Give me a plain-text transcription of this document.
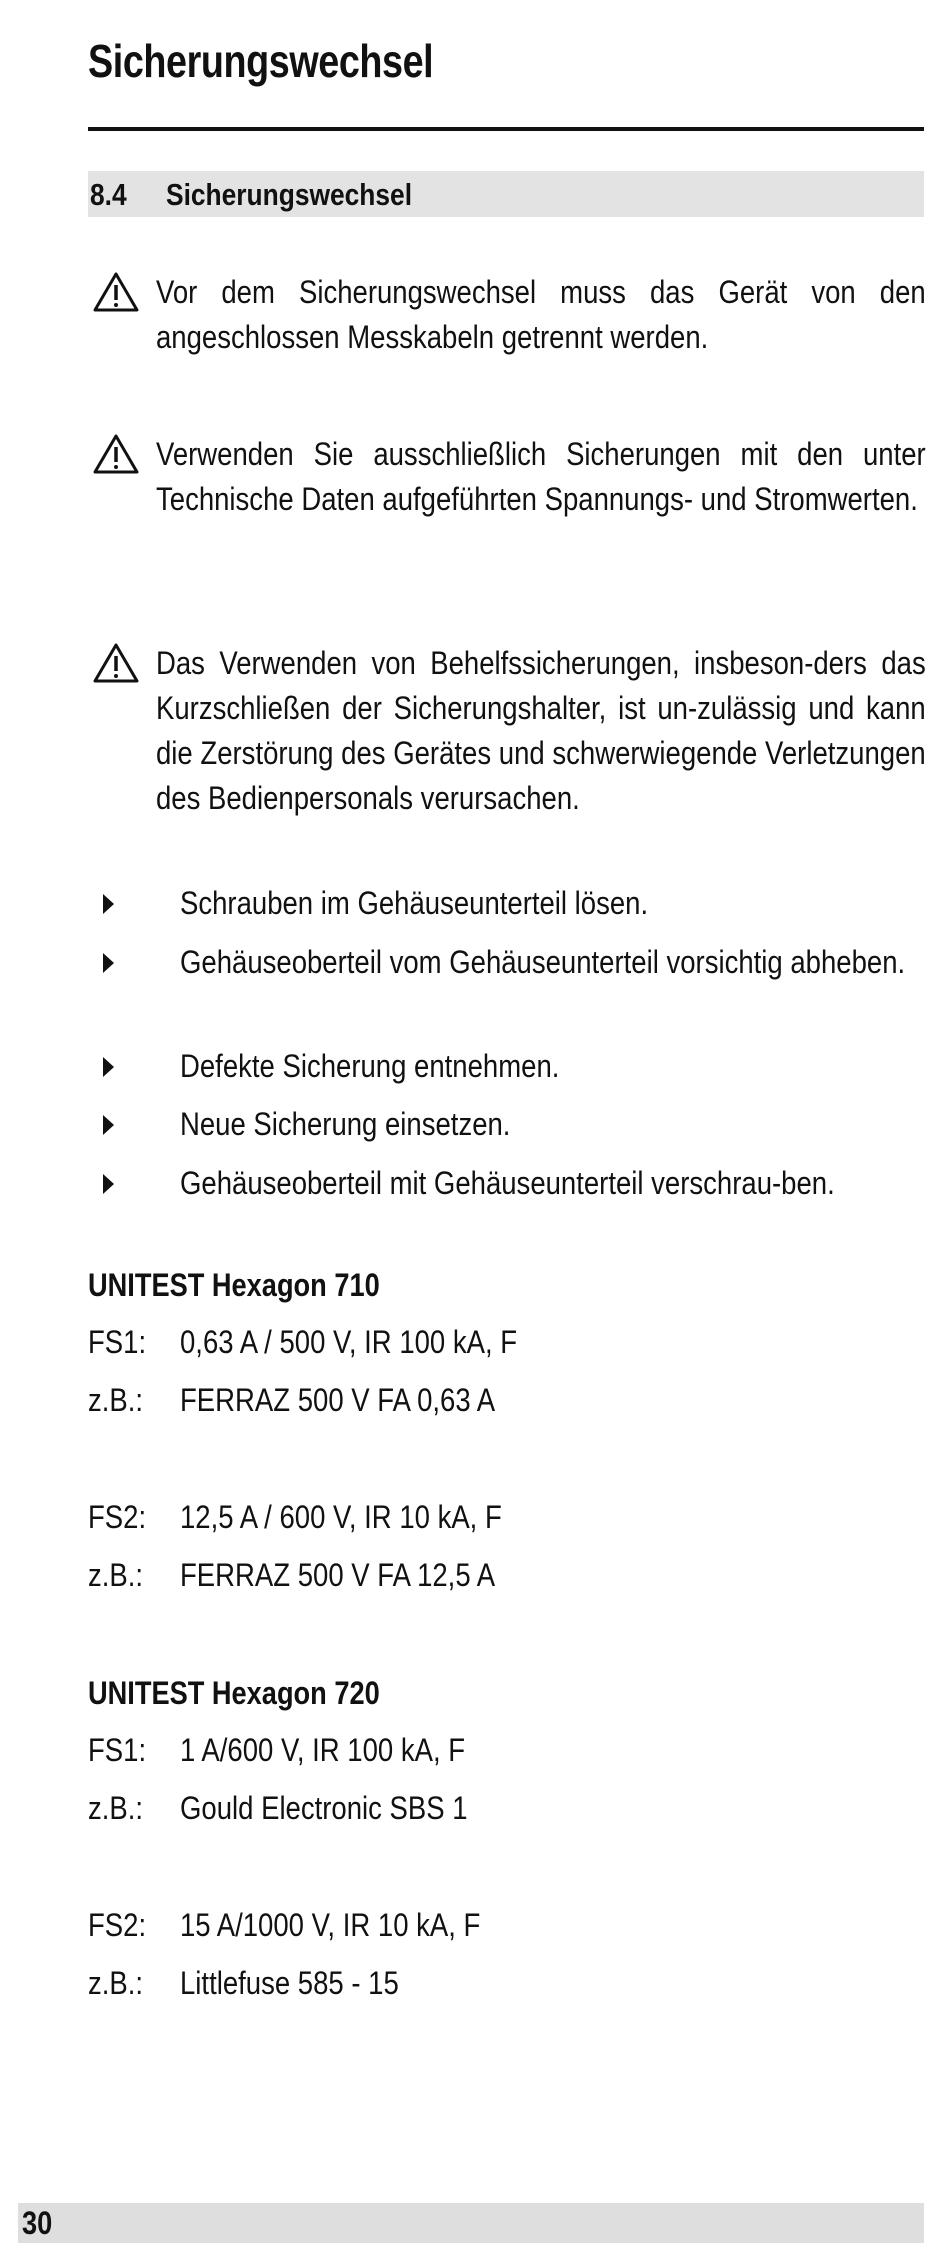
Sicherungswechsel
8.4 Sicherungswechsel
Vor dem Sicherungswechsel muss das Gerät von den angeschlossen Messkabeln getrennt werden.
Verwenden Sie ausschließlich Sicherungen mit den unter Technische Daten aufgeführten Spannungs- und Stromwerten.
Das Verwenden von Behelfssicherungen, insbeson-ders das Kurzschließen der Sicherungshalter, ist un-zulässig und kann die Zerstörung des Gerätes und schwerwiegende Verletzungen des Bedienpersonals verursachen.
Schrauben im Gehäuseunterteil lösen.
Gehäuseoberteil vom Gehäuseunterteil vorsichtig abheben.
Defekte Sicherung entnehmen.
Neue Sicherung einsetzen.
Gehäuseoberteil mit Gehäuseunterteil verschrau-ben.
UNITEST Hexagon 710
FS1: 0,63 A / 500 V, IR 100 kA, F
z.B.: FERRAZ 500 V FA 0,63 A
FS2: 12,5 A / 600 V, IR 10 kA, F
z.B.: FERRAZ 500 V FA 12,5 A
UNITEST Hexagon 720
FS1: 1 A/600 V, IR 100 kA, F
z.B.: Gould Electronic SBS 1
FS2: 15 A/1000 V, IR 10 kA, F
z.B.: Littlefuse 585 - 15
30
